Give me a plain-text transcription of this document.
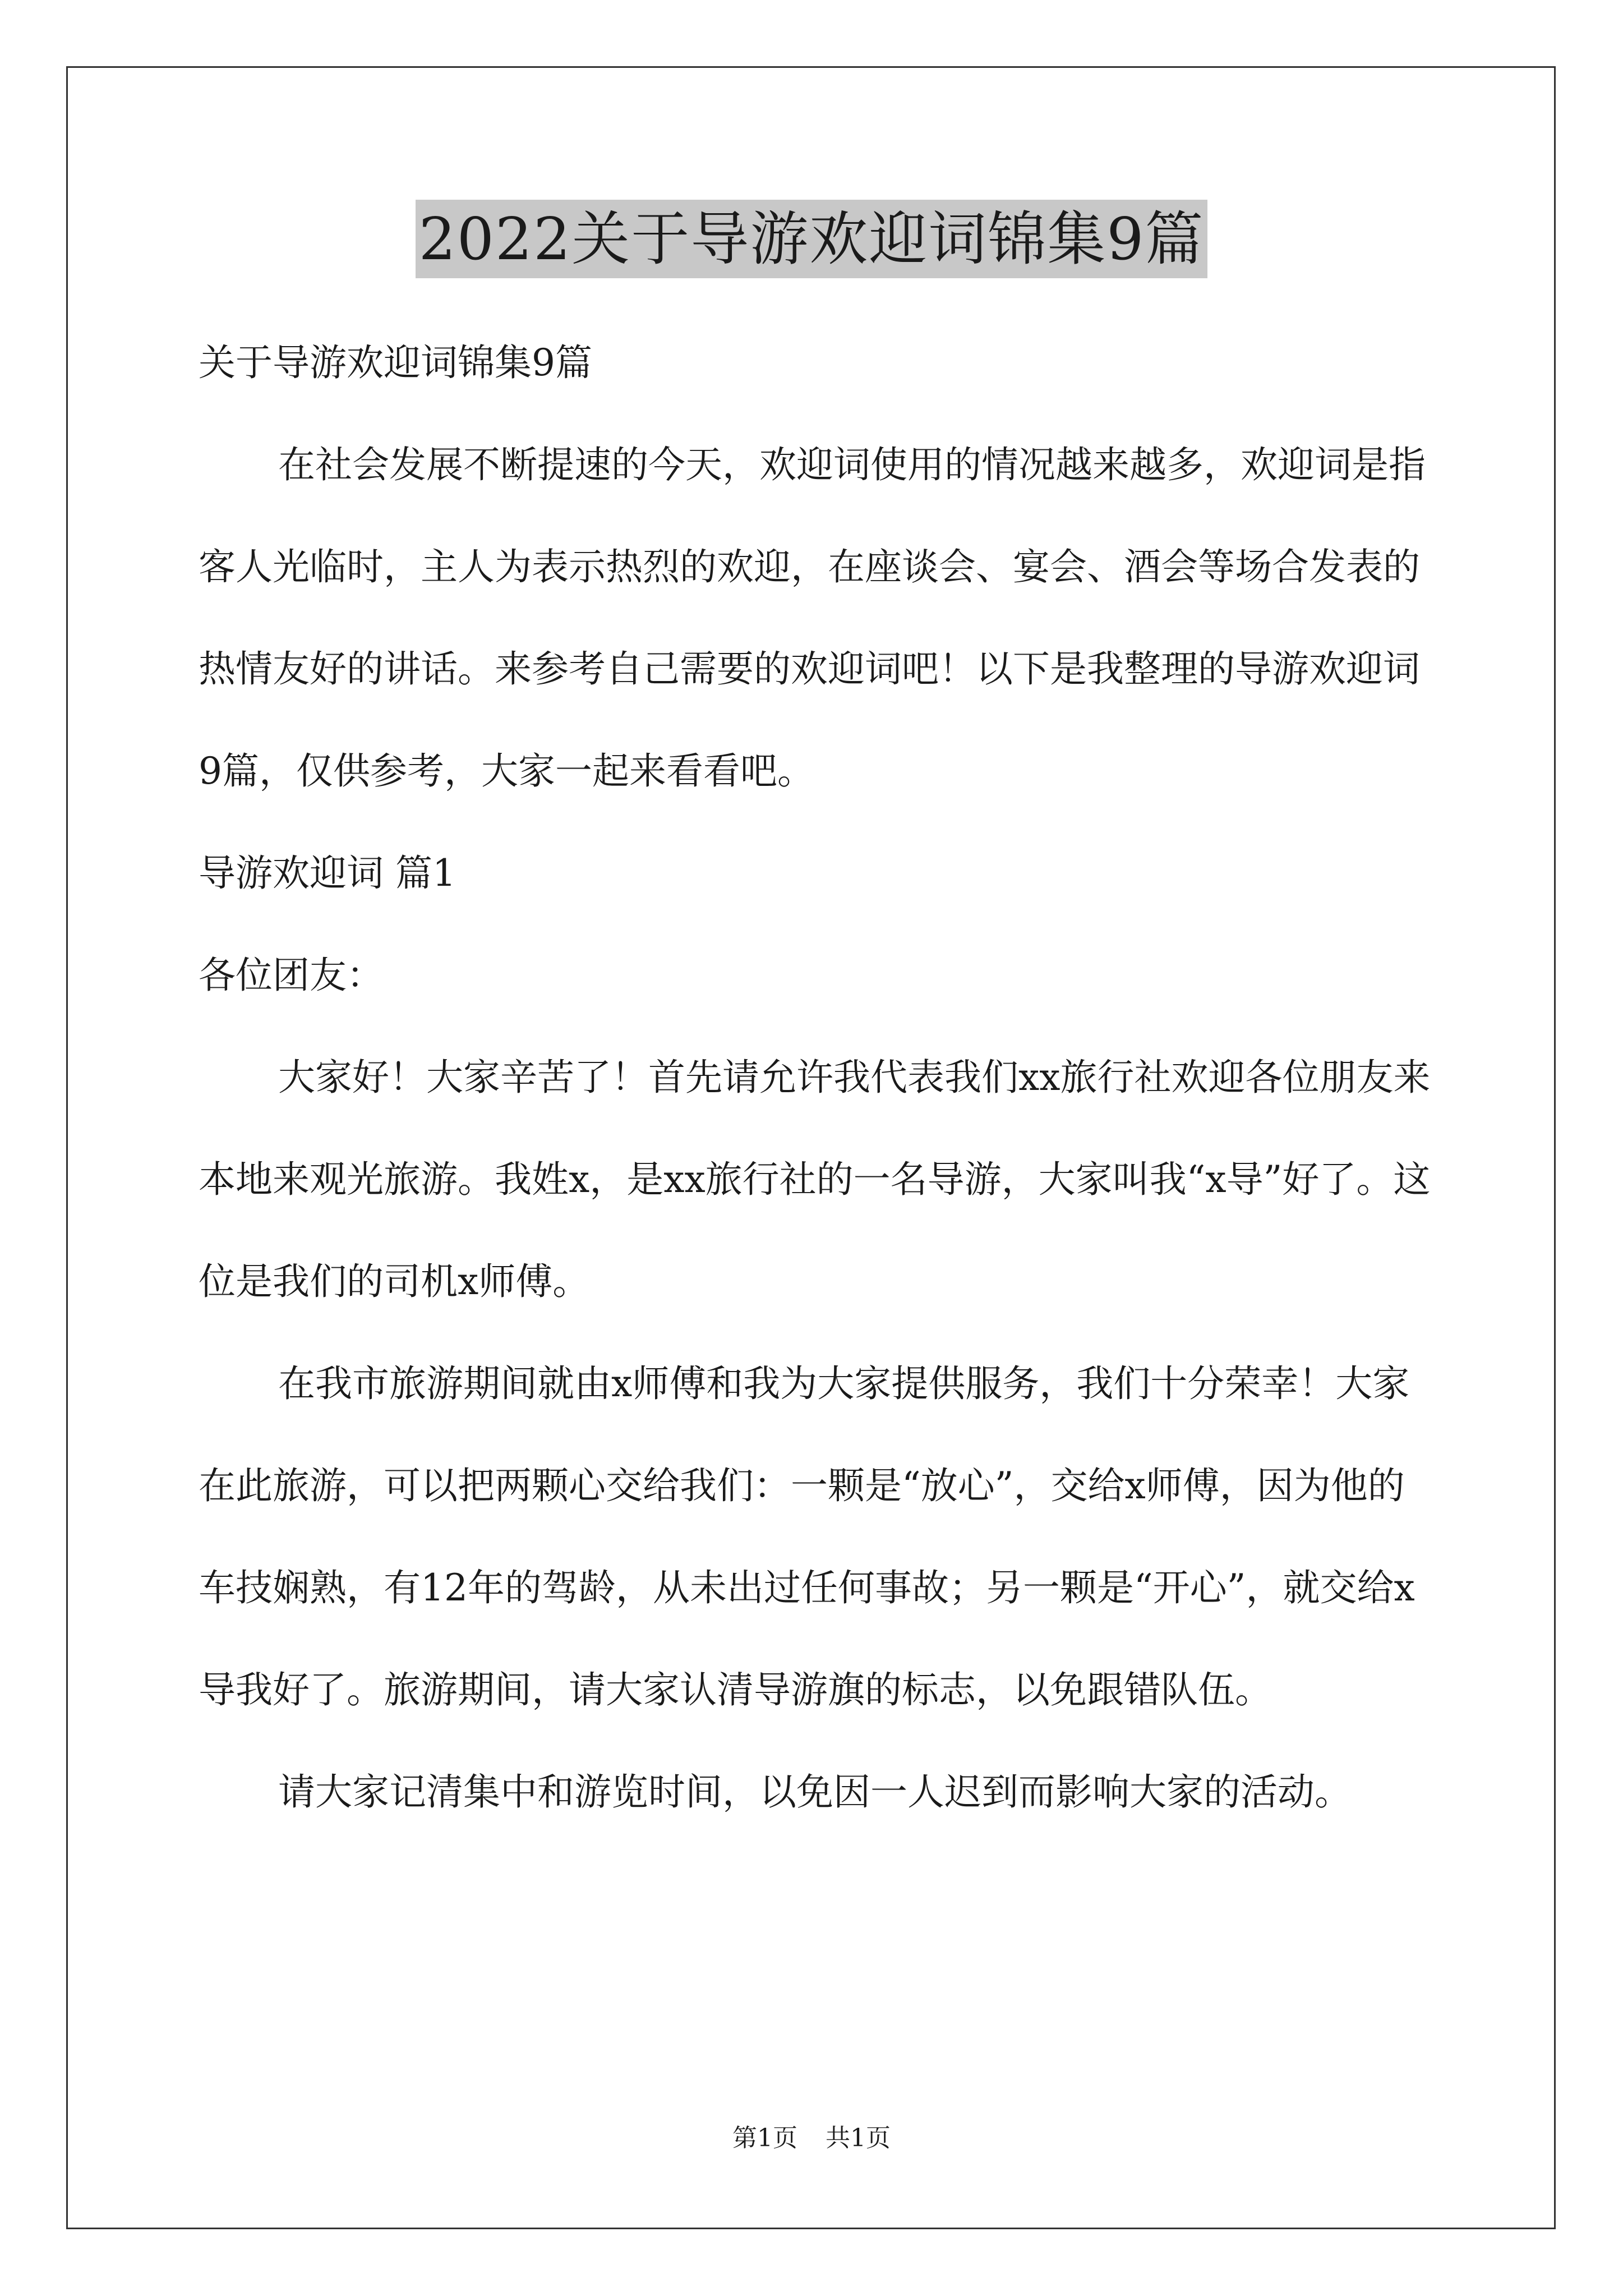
2022关于导游欢迎词锦集9篇

关于导游欢迎词锦集9篇

在社会发展不断提速的今天，欢迎词使用的情况越来越多，欢迎词是指客人光临时，主人为表示热烈的欢迎，在座谈会、宴会、酒会等场合发表的热情友好的讲话。来参考自己需要的欢迎词吧！以下是我整理的导游欢迎词9篇，仅供参考，大家一起来看看吧。

导游欢迎词 篇1

各位团友：

大家好！大家辛苦了！首先请允许我代表我们xx旅行社欢迎各位朋友来本地来观光旅游。我姓x，是xx旅行社的一名导游，大家叫我“x导”好了。这位是我们的司机x师傅。

在我市旅游期间就由x师傅和我为大家提供服务，我们十分荣幸！大家在此旅游，可以把两颗心交给我们：一颗是“放心”，交给x师傅，因为他的车技娴熟，有12年的驾龄，从未出过任何事故；另一颗是“开心”，就交给x导我好了。旅游期间，请大家认清导游旗的标志，以免跟错队伍。

请大家记清集中和游览时间，以免因一人迟到而影响大家的活动。

第1页 共1页
